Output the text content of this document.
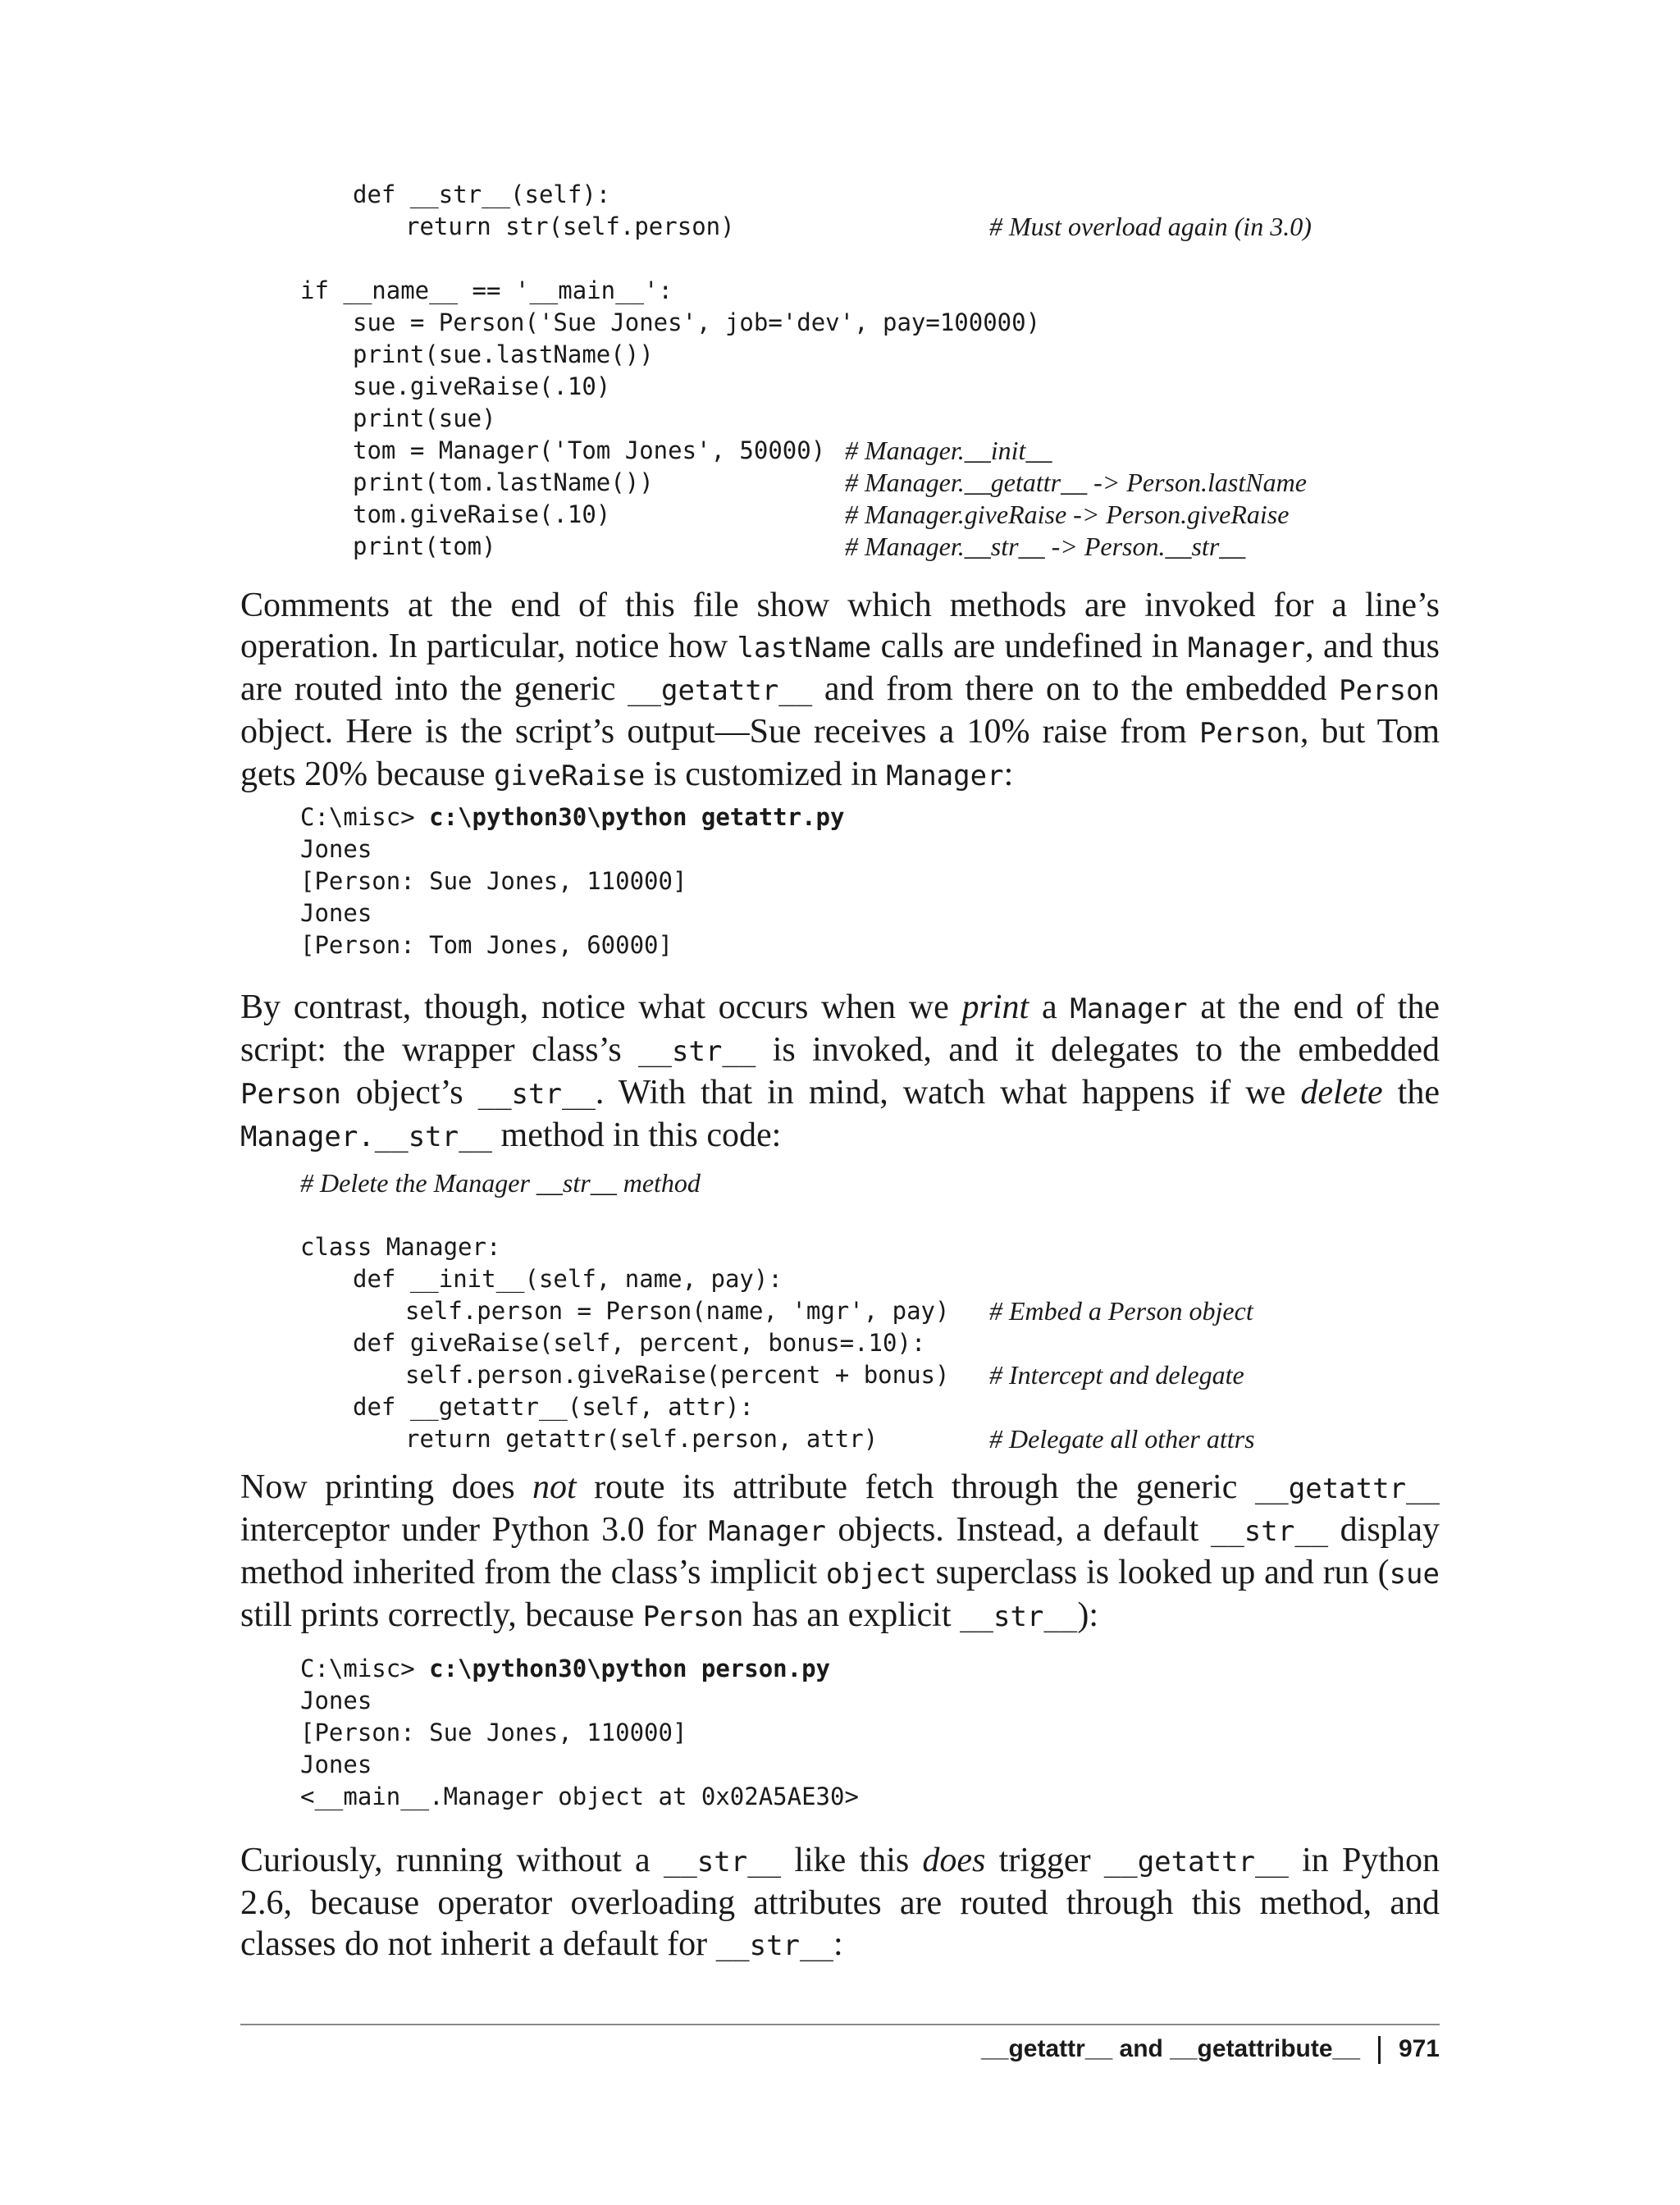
def __str__(self):
return str(self.person)	# Must overload again (in 3.0)
if __name__ == '__main__':
sue = Person('Sue Jones', job='dev', pay=100000)
print(sue.lastName())
sue.giveRaise(.10)
print(sue)
tom = Manager('Tom Jones', 50000) # Manager.__init__
print(tom.lastName())	# Manager.__getattr__ -> Person.lastName
tom.giveRaise(.10)	# Manager.giveRaise -> Person.giveRaise
print(tom)	# Manager.__str__ -> Person.__str__

Comments at the end of this file show which methods are invoked for a line’s operation. In particular, notice how lastName calls are undefined in Manager, and thus are routed into the generic __getattr__ and from there on to the embedded Person object. Here is the script’s output—Sue receives a 10% raise from Person, but Tom gets 20% because giveRaise is customized in Manager:

C:\misc> c:\python30\python getattr.py
Jones
[Person: Sue Jones, 110000]
Jones
[Person: Tom Jones, 60000]

By contrast, though, notice what occurs when we print a Manager at the end of the script: the wrapper class’s __str__ is invoked, and it delegates to the embedded Person object’s __str__. With that in mind, watch what happens if we delete the Manager.__str__ method in this code:

# Delete the Manager __str__ method
class Manager:
def __init__(self, name, pay):
self.person = Person(name, 'mgr', pay) # Embed a Person object
def giveRaise(self, percent, bonus=.10):
self.person.giveRaise(percent + bonus) # Intercept and delegate
def __getattr__(self, attr):
return getattr(self.person, attr)	# Delegate all other attrs

Now printing does not route its attribute fetch through the generic __getattr__ interceptor under Python 3.0 for Manager objects. Instead, a default __str__ display method inherited from the class’s implicit object superclass is looked up and run (sue still prints correctly, because Person has an explicit __str__):

C:\misc> c:\python30\python person.py
Jones
[Person: Sue Jones, 110000]
Jones
<__main__.Manager object at 0x02A5AE30>

Curiously, running without a __str__ like this does trigger __getattr__ in Python 2.6, because operator overloading attributes are routed through this method, and classes do not inherit a default for __str__:

__getattr__ and __getattribute__ 971
